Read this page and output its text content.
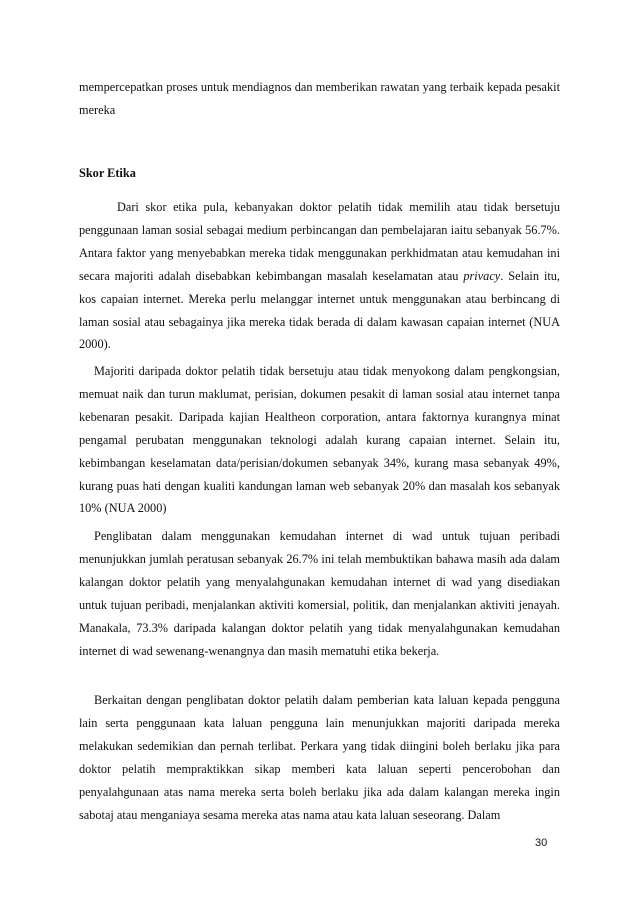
mempercepatkan proses untuk mendiagnos dan memberikan rawatan yang terbaik kepada pesakit mereka

Skor Etika

Dari skor etika pula, kebanyakan doktor pelatih tidak memilih atau tidak bersetuju penggunaan laman sosial sebagai medium perbincangan dan pembelajaran iaitu sebanyak 56.7%. Antara faktor yang menyebabkan mereka tidak menggunakan perkhidmatan atau kemudahan ini secara majoriti adalah disebabkan kebimbangan masalah keselamatan atau privacy. Selain itu, kos capaian internet. Mereka perlu melanggar internet untuk menggunakan atau berbincang di laman sosial atau sebagainya jika mereka tidak berada di dalam kawasan capaian internet (NUA 2000).

Majoriti daripada doktor pelatih tidak bersetuju atau tidak menyokong dalam pengkongsian, memuat naik dan turun maklumat, perisian, dokumen pesakit di laman sosial atau internet tanpa kebenaran pesakit. Daripada kajian Healtheon corporation, antara faktornya kurangnya minat pengamal perubatan menggunakan teknologi adalah kurang capaian internet. Selain itu, kebimbangan keselamatan data/perisian/dokumen sebanyak 34%, kurang masa sebanyak 49%, kurang puas hati dengan kualiti kandungan laman web sebanyak 20% dan masalah kos sebanyak 10% (NUA 2000)

Penglibatan dalam menggunakan kemudahan internet di wad untuk tujuan peribadi menunjukkan jumlah peratusan sebanyak 26.7% ini telah membuktikan bahawa masih ada dalam kalangan doktor pelatih yang menyalahgunakan kemudahan internet di wad yang disediakan untuk tujuan peribadi, menjalankan aktiviti komersial, politik, dan menjalankan aktiviti jenayah. Manakala, 73.3% daripada kalangan doktor pelatih yang tidak menyalahgunakan kemudahan internet di wad sewenang-wenangnya dan masih mematuhi etika bekerja.

Berkaitan dengan penglibatan doktor pelatih dalam pemberian kata laluan kepada pengguna lain serta penggunaan kata laluan pengguna lain menunjukkan majoriti daripada mereka melakukan sedemikian dan pernah terlibat. Perkara yang tidak diingini boleh berlaku jika para doktor pelatih mempraktikkan sikap memberi kata laluan seperti pencerobohan dan penyalahgunaan atas nama mereka serta boleh berlaku jika ada dalam kalangan mereka ingin sabotaj atau menganiaya sesama mereka atas nama atau kata laluan seseorang. Dalam

30
